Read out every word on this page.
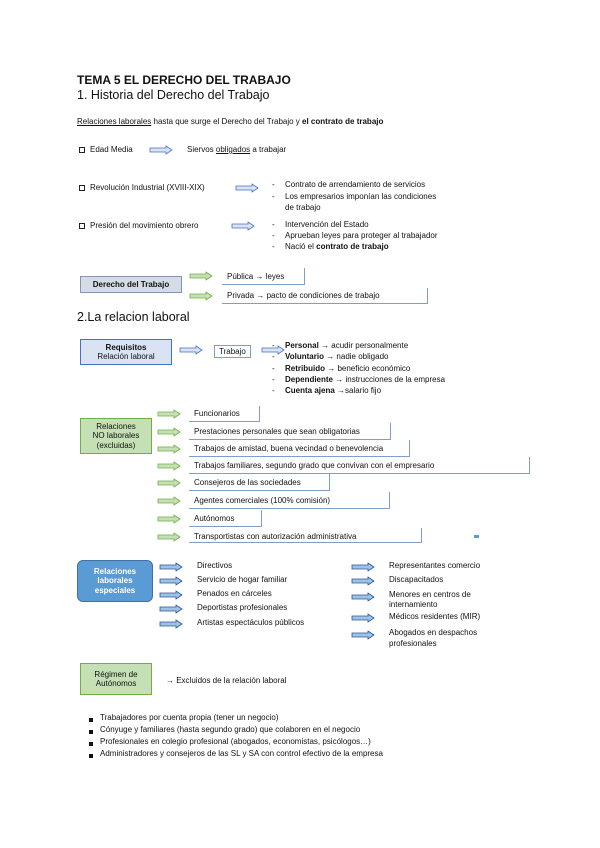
TEMA 5 EL DERECHO DEL TRABAJO
1. Historia del Derecho del Trabajo
Relaciones laborales hasta que surge el Derecho del Trabajo y el contrato de trabajo
Edad Media	Siervos obligados a trabajar
Revolución Industrial (XVIII-XIX)	- Contrato de arrendamiento de servicios
- Los empresarios imponían las condiciones
de trabajo
Presión del movimiento obrero	- Intervención del Estado
- Aprueban leyes para proteger al trabajador
- Nació el contrato de trabajo
Derecho del Trabajo
Pública → leyes
Privada → pacto de condiciones de trabajo
2.La relacion laboral
Requisitos
Relación laboral
Trabajo
- Personal → acudir personalmente
- Voluntario → nadie obligado
- Retribuido → beneficio económico
- Dependiente → instrucciones de la empresa
- Cuenta ajena →salario fijo
Relaciones
NO laborales
(excluidas)
Funcionarios
Prestaciones personales que sean obligatorias
Trabajos de amistad, buena vecindad o benevolencia
Trabajos familiares, segundo grado que convivan con el empresario
Consejeros de las sociedades
Agentes comerciales (100% comisión)
Autónomos
Transportistas con autorización administrativa
Relaciones
laborales
especiales
Directivos
Servicio de hogar familiar
Penados en cárceles
Deportistas profesionales
Artistas espectáculos públicos
Representantes comercio
Discapacitados
Menores en centros de
internamiento
Médicos residentes (MIR)
Abogados en despachos
profesionales
Régimen de
Autónomos	→ Excluidos de la relación laboral
Trabajadores por cuenta propia (tener un negocio)
Cónyuge y familiares (hasta segundo grado) que colaboren en el negocio
Profesionales en colegio profesional (abogados, economistas, psicólogos…)
Administradores y consejeros de las SL y SA con control efectivo de la empresa
